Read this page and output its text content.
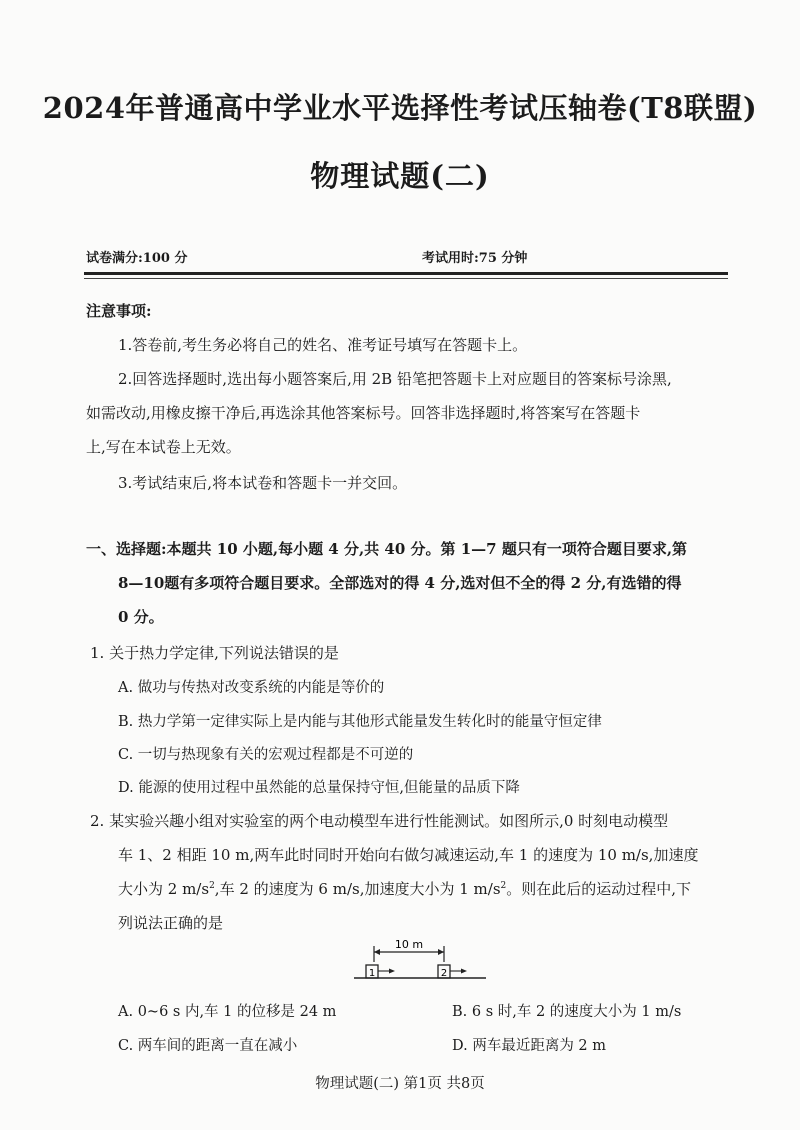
2024年普通高中学业水平选择性考试压轴卷(T8联盟)
物理试题(二)
试卷满分:100 分	考试用时:75 分钟
注意事项:
1.答卷前,考生务必将自己的姓名、准考证号填写在答题卡上。
2.回答选择题时,选出每小题答案后,用 2B 铅笔把答题卡上对应题目的答案标号涂黑,
如需改动,用橡皮擦干净后,再选涂其他答案标号。回答非选择题时,将答案写在答题卡
上,写在本试卷上无效。
3.考试结束后,将本试卷和答题卡一并交回。
一、选择题:本题共 10 小题,每小题 4 分,共 40 分。第 1—7 题只有一项符合题目要求,第
8—10题有多项符合题目要求。全部选对的得 4 分,选对但不全的得 2 分,有选错的得
0 分。
1. 关于热力学定律,下列说法错误的是
A. 做功与传热对改变系统的内能是等价的
B. 热力学第一定律实际上是内能与其他形式能量发生转化时的能量守恒定律
C. 一切与热现象有关的宏观过程都是不可逆的
D. 能源的使用过程中虽然能的总量保持守恒,但能量的品质下降
2. 某实验兴趣小组对实验室的两个电动模型车进行性能测试。如图所示,0 时刻电动模型
车 1、2 相距 10 m,两车此时同时开始向右做匀减速运动,车 1 的速度为 10 m/s,加速度
大小为 2 $m/s^2$,车 2 的速度为 6 m/s,加速度大小为 1 $m/s^2$。则在此后的运动过程中,下
列说法正确的是
10 m
1	2
A. 0~6 s 内,车 1 的位移是 24 m	B. 6 s 时,车 2 的速度大小为 1 m/s
C. 两车间的距离一直在减小	D. 两车最近距离为 2 m
物理试题(二) 第1页 共8页
